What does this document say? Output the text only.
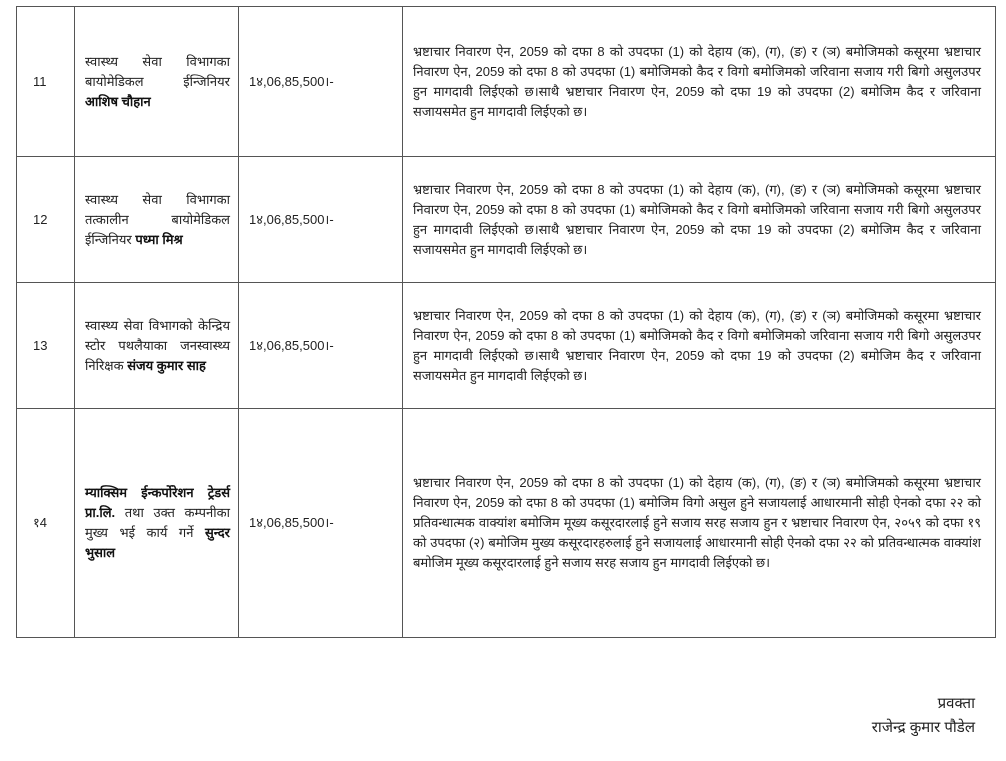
11	स्वास्थ्य सेवा विभागका बायोमेडिकल ईन्जिनियर आशिष चौहान	1४,06,85,500।-	भ्रष्टाचार निवारण ऐन, 2059 को दफा 8 को उपदफा (1) को देहाय (क), (ग), (ङ) र (ञ) बमोजिमको कसूरमा भ्रष्टाचार निवारण ऐन, 2059 को दफा 8 को उपदफा (1) बमोजिमको कैद र विगो बमोजिमको जरिवाना सजाय गरी बिगो असुलउपर हुन मागदावी लिईएको छ।साथै भ्रष्टाचार निवारण ऐन, 2059 को दफा 19 को उपदफा (2) बमोजिम कैद र जरिवाना सजायसमेत हुन मागदावी लिईएको छ।
12	स्वास्थ्य सेवा विभागका तत्कालीन बायोमेडिकल ईन्जिनियर पध्मा मिश्र	1४,06,85,500।-	भ्रष्टाचार निवारण ऐन, 2059 को दफा 8 को उपदफा (1) को देहाय (क), (ग), (ङ) र (ञ) बमोजिमको कसूरमा भ्रष्टाचार निवारण ऐन, 2059 को दफा 8 को उपदफा (1) बमोजिमको कैद र विगो बमोजिमको जरिवाना सजाय गरी बिगो असुलउपर हुन मागदावी लिईएको छ।साथै भ्रष्टाचार निवारण ऐन, 2059 को दफा 19 को उपदफा (2) बमोजिम कैद र जरिवाना सजायसमेत हुन मागदावी लिईएको छ।
13	स्वास्थ्य सेवा विभागको केन्द्रिय स्टोर पथलैयाका जनस्वास्थ्य निरिक्षक संजय कुमार साह	1४,06,85,500।-	भ्रष्टाचार निवारण ऐन, 2059 को दफा 8 को उपदफा (1) को देहाय (क), (ग), (ङ) र (ञ) बमोजिमको कसूरमा भ्रष्टाचार निवारण ऐन, 2059 को दफा 8 को उपदफा (1) बमोजिमको कैद र विगो बमोजिमको जरिवाना सजाय गरी बिगो असुलउपर हुन मागदावी लिईएको छ।साथै भ्रष्टाचार निवारण ऐन, 2059 को दफा 19 को उपदफा (2) बमोजिम कैद र जरिवाना सजायसमेत हुन मागदावी लिईएको छ।
१4	म्याक्सिम ईन्कर्पोरेशन ट्रेडर्स प्रा.लि. तथा उक्त कम्पनीका मुख्य भई कार्य गर्ने सुन्दर भुसाल	1४,06,85,500।-	भ्रष्टाचार निवारण ऐन, 2059 को दफा 8 को उपदफा (1) को देहाय (क), (ग), (ङ) र (ञ) बमोजिमको कसूरमा भ्रष्टाचार निवारण ऐन, 2059 को दफा 8 को उपदफा (1) बमोजिम विगो असुल हुने सजायलाई आधारमानी सोही ऐनको दफा २२ को प्रतिवन्धात्मक वाक्यांश बमोजिम मूख्य कसूरदारलाई हुने सजाय सरह सजाय हुन र भ्रष्टाचार निवारण ऐन, २०५९ को दफा १९ को उपदफा (२) बमोजिम मुख्य कसूरदारहरुलाई हुने सजायलाई आधारमानी सोही ऐनको दफा २२ को प्रतिवन्धात्मक वाक्यांश बमोजिम मूख्य कसूरदारलाई हुने सजाय सरह सजाय हुन मागदावी लिईएको छ।
प्रवक्ता
राजेन्द्र कुमार पौडेल
